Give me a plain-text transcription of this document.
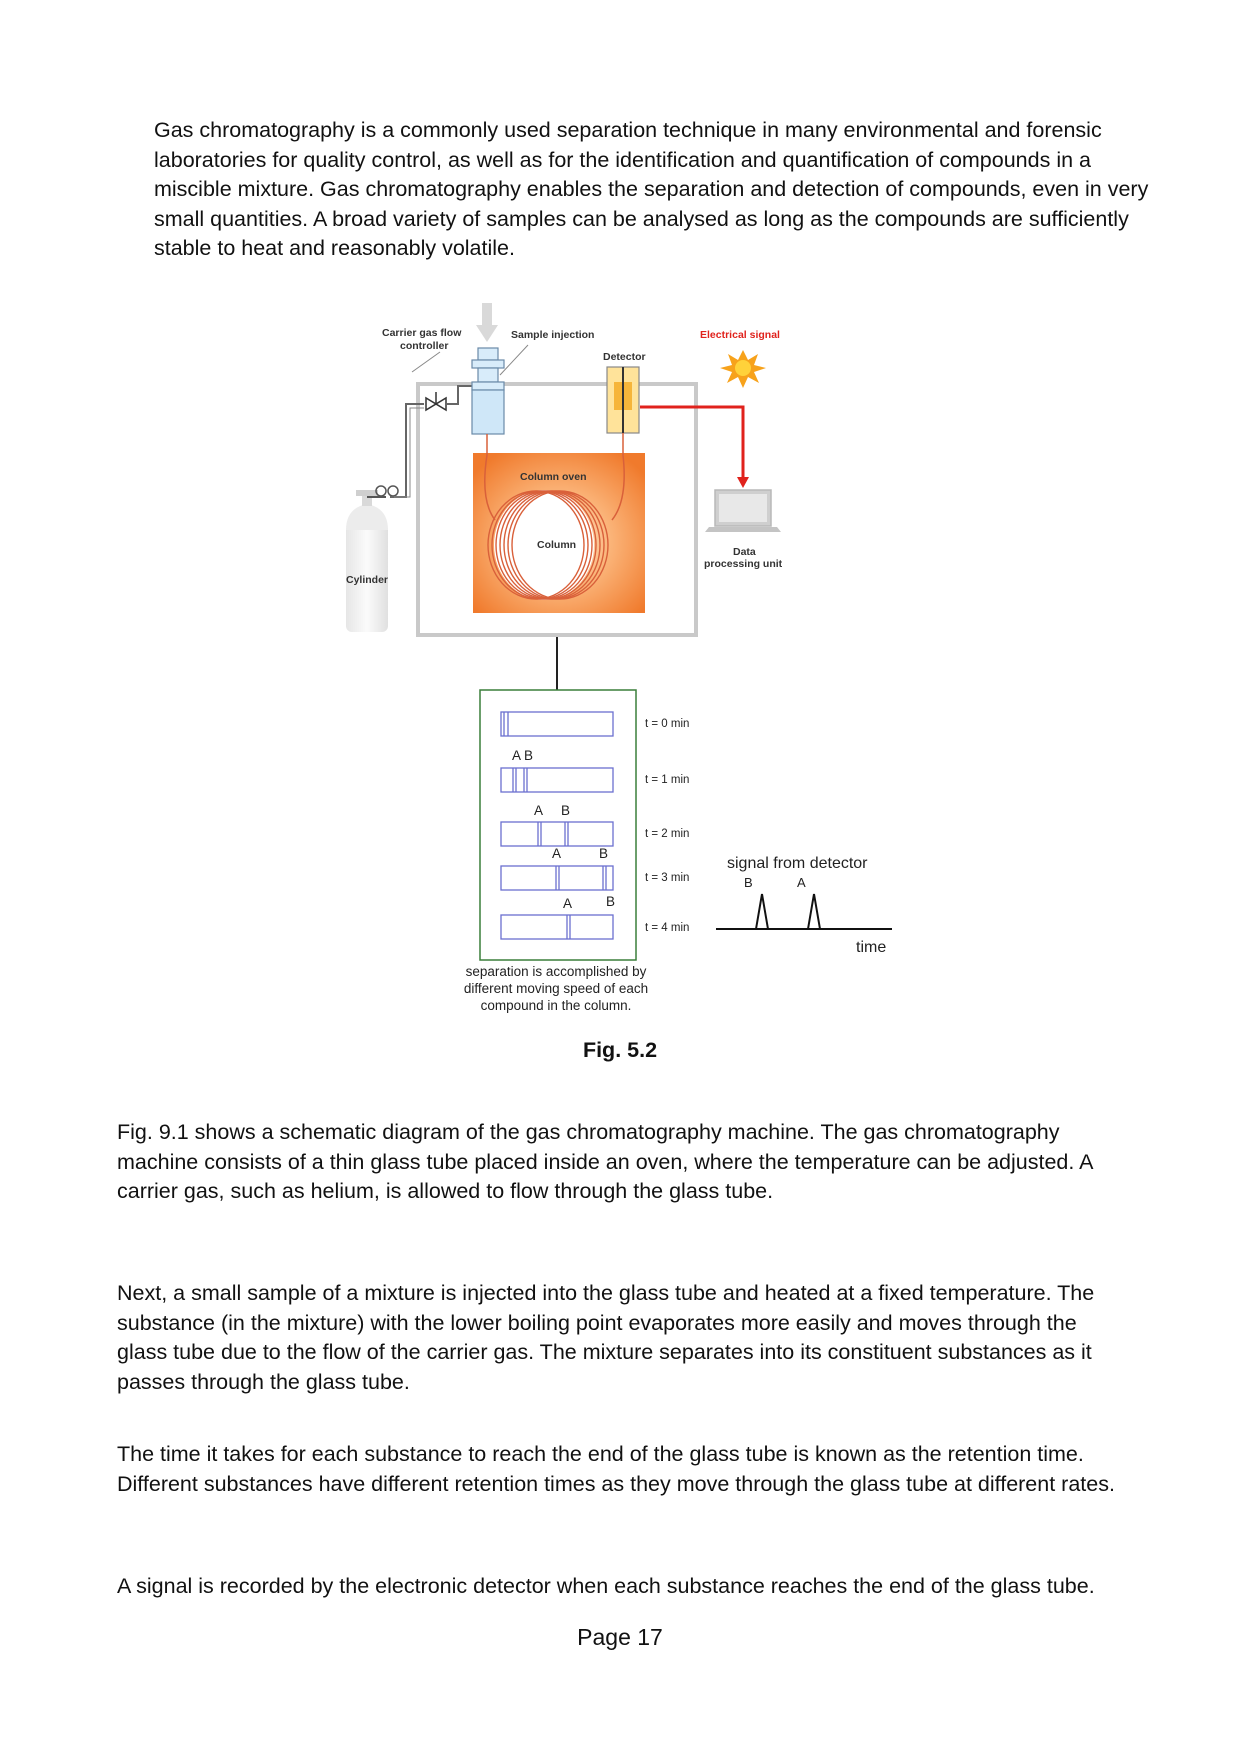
Gas chromatography is a commonly used separation technique in many environmental and forensic laboratories for quality control, as well as for the identification and quantification of compounds in a miscible mixture. Gas chromatography enables the separation and detection of compounds, even in very small quantities. A broad variety of samples can be analysed as long as the compounds are sufficiently stable to heat and reasonably volatile.

Cylinder
Carrier gas flow
controller
Sample injection
Detector
Electrical signal
Column oven
Column
Data
processing unit
t = 0 min
A B
t = 1 min
A B
t = 2 min
A	B
t = 3 min
A	B
t = 4 min
separation is accomplished by
different moving speed of each
compound in the column.
signal from detector
B	A
time
Fig. 5.2

Fig. 9.1 shows a schematic diagram of the gas chromatography machine. The gas chromatography machine consists of a thin glass tube placed inside an oven, where the temperature can be adjusted. A carrier gas, such as helium, is allowed to flow through the glass tube.

Next, a small sample of a mixture is injected into the glass tube and heated at a fixed temperature. The substance (in the mixture) with the lower boiling point evaporates more easily and moves through the glass tube due to the flow of the carrier gas. The mixture separates into its constituent substances as it passes through the glass tube.

The time it takes for each substance to reach the end of the glass tube is known as the retention time. Different substances have different retention times as they move through the glass tube at different rates.

A signal is recorded by the electronic detector when each substance reaches the end of the glass tube.

Page 17
